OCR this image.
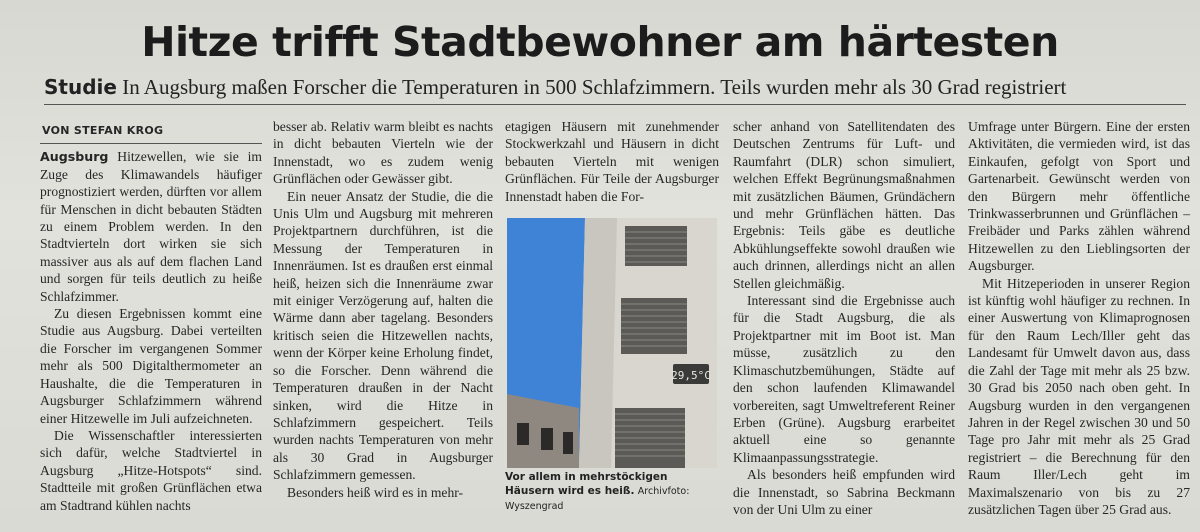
Hitze trifft Stadtbewohner am härtesten
Studie In Augsburg maßen Forscher die Temperaturen in 500 Schlafzimmern. Teils wurden mehr als 30 Grad registriert
VON STEFAN KROG

Augsburg Hitzewellen, wie sie im Zuge des Klimawandels häufiger prognostiziert werden, dürften vor allem für Menschen in dicht bebauten Städten zu einem Problem werden. In den Stadtvierteln dort wirken sie sich massiver aus als auf dem flachen Land und sorgen für teils deutlich zu heiße Schlafzimmer.

Zu diesen Ergebnissen kommt eine Studie aus Augsburg. Dabei verteilten die Forscher im vergangenen Sommer mehr als 500 Digitalthermometer an Haushalte, die die Temperaturen in Augsburger Schlafzimmern während einer Hitzewelle im Juli aufzeichneten.

Die Wissenschaftler interessierten sich dafür, welche Stadtviertel in Augsburg „Hitze-Hotspots“ sind. Stadtteile mit großen Grünflächen etwa am Stadtrand kühlen nachts

besser ab. Relativ warm bleibt es nachts in dicht bebauten Vierteln wie der Innenstadt, wo es zudem wenig Grünflächen oder Gewässer gibt.

Ein neuer Ansatz der Studie, die die Unis Ulm und Augsburg mit mehreren Projektpartnern durchführen, ist die Messung der Temperaturen in Innenräumen. Ist es draußen erst einmal heiß, heizen sich die Innenräume zwar mit einiger Verzögerung auf, halten die Wärme dann aber tagelang. Besonders kritisch seien die Hitzewellen nachts, wenn der Körper keine Erholung findet, so die Forscher. Denn während die Temperaturen draußen in der Nacht sinken, wird die Hitze in Schlafzimmern gespeichert. Teils wurden nachts Temperaturen von mehr als 30 Grad in Augsburger Schlafzimmern gemessen.

Besonders heiß wird es in mehr-

etagigen Häusern mit zunehmender Stockwerkzahl und Häusern in dicht bebauten Vierteln mit wenigen Grünflächen. Für Teile der Augsburger Innenstadt haben die For-

29,5°C
Vor allem in mehrstöckigen Häusern wird es heiß. Archivfoto: Wyszengrad

scher anhand von Satellitendaten des Deutschen Zentrums für Luft- und Raumfahrt (DLR) schon simuliert, welchen Effekt Begrünungsmaßnahmen mit zusätzlichen Bäumen, Gründächern und mehr Grünflächen hätten. Das Ergebnis: Teils gäbe es deutliche Abkühlungseffekte sowohl draußen wie auch drinnen, allerdings nicht an allen Stellen gleichmäßig.

Interessant sind die Ergebnisse auch für die Stadt Augsburg, die als Projektpartner mit im Boot ist. Man müsse, zusätzlich zu den Klimaschutzbemühungen, Städte auf den schon laufenden Klimawandel vorbereiten, sagt Umweltreferent Reiner Erben (Grüne). Augsburg erarbeitet aktuell eine so genannte Klimaanpassungsstrategie.

Als besonders heiß empfunden wird die Innenstadt, so Sabrina Beckmann von der Uni Ulm zu einer

Umfrage unter Bürgern. Eine der ersten Aktivitäten, die vermieden wird, ist das Einkaufen, gefolgt von Sport und Gartenarbeit. Gewünscht werden von den Bürgern mehr öffentliche Trinkwasserbrunnen und Grünflächen – Freibäder und Parks zählen während Hitzewellen zu den Lieblingsorten der Augsburger.

Mit Hitzeperioden in unserer Region ist künftig wohl häufiger zu rechnen. In einer Auswertung von Klimaprognosen für den Raum Lech/Iller geht das Landesamt für Umwelt davon aus, dass die Zahl der Tage mit mehr als 25 bzw. 30 Grad bis 2050 nach oben geht. In Augsburg wurden in den vergangenen Jahren in der Regel zwischen 30 und 50 Tage pro Jahr mit mehr als 25 Grad registriert – die Berechnung für den Raum Iller/Lech geht im Maximalszenario von bis zu 27 zusätzlichen Tagen über 25 Grad aus.
